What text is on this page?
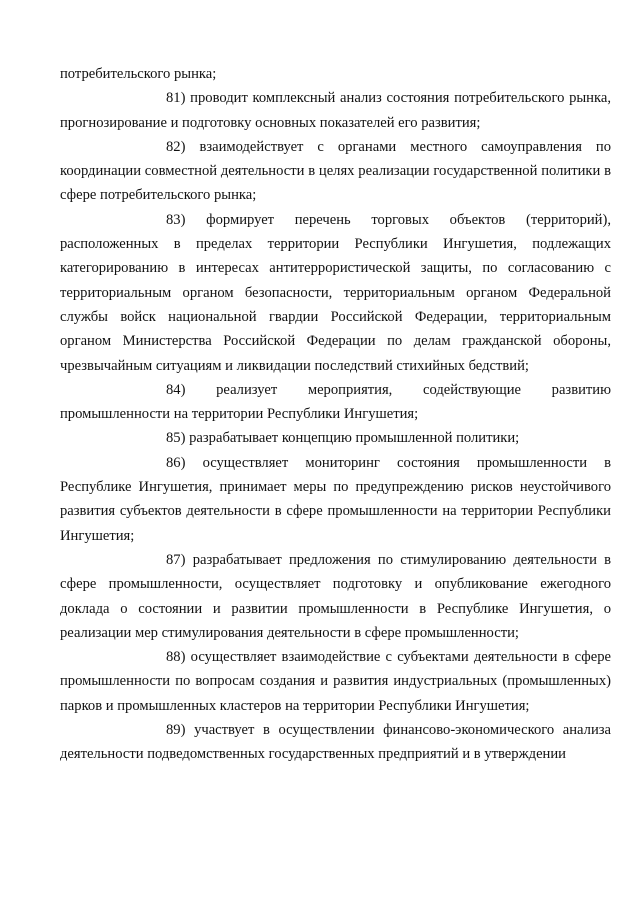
потребительского рынка;

81) проводит комплексный анализ состояния потребительского рынка, прогнозирование и подготовку основных показателей его развития;

82) взаимодействует с органами местного самоуправления по координации совместной деятельности в целях реализации государственной политики в сфере потребительского рынка;

83) формирует перечень торговых объектов (территорий), расположенных в пределах территории Республики Ингушетия, подлежащих категорированию в интересах антитеррористической защиты, по согласованию с территориальным органом безопасности, территориальным органом Федеральной службы войск национальной гвардии Российской Федерации, территориальным органом Министерства Российской Федерации по делам гражданской обороны, чрезвычайным ситуациям и ликвидации последствий стихийных бедствий;

84) реализует мероприятия, содействующие развитию промышленности на территории Республики Ингушетия;

85) разрабатывает концепцию промышленной политики;

86) осуществляет мониторинг состояния промышленности в Республике Ингушетия, принимает меры по предупреждению рисков неустойчивого развития субъектов деятельности в сфере промышленности на территории Республики Ингушетия;

87) разрабатывает предложения по стимулированию деятельности в сфере промышленности, осуществляет подготовку и опубликование ежегодного доклада о состоянии и развитии промышленности в Республике Ингушетия, о реализации мер стимулирования деятельности в сфере промышленности;

88) осуществляет взаимодействие с субъектами деятельности в сфере промышленности по вопросам создания и развития индустриальных (промышленных) парков и промышленных кластеров на территории Республики Ингушетия;

89) участвует в осуществлении финансово-экономического анализа деятельности подведомственных государственных предприятий и в утверждении
